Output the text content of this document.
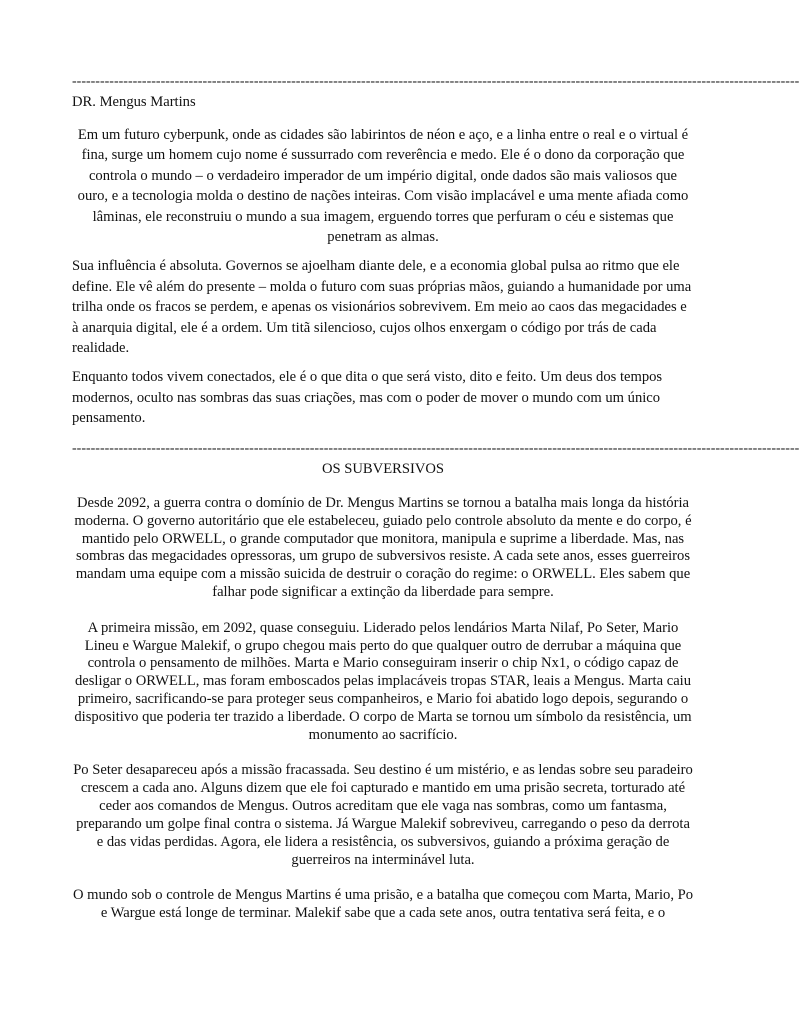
------------------------------------------------------------------------------------------------------------------------------------------------------------
DR. Mengus Martins

Em um futuro cyberpunk, onde as cidades são labirintos de néon e aço, e a linha entre o real e o virtual é fina, surge um homem cujo nome é sussurrado com reverência e medo. Ele é o dono da corporação que controla o mundo – o verdadeiro imperador de um império digital, onde dados são mais valiosos que ouro, e a tecnologia molda o destino de nações inteiras. Com visão implacável e uma mente afiada como lâminas, ele reconstruiu o mundo a sua imagem, erguendo torres que perfuram o céu e sistemas que penetram as almas.

Sua influência é absoluta. Governos se ajoelham diante dele, e a economia global pulsa ao ritmo que ele define. Ele vê além do presente – molda o futuro com suas próprias mãos, guiando a humanidade por uma trilha onde os fracos se perdem, e apenas os visionários sobrevivem. Em meio ao caos das megacidades e à anarquia digital, ele é a ordem. Um titã silencioso, cujos olhos enxergam o código por trás de cada realidade.

Enquanto todos vivem conectados, ele é o que dita o que será visto, dito e feito. Um deus dos tempos modernos, oculto nas sombras das suas criações, mas com o poder de mover o mundo com um único pensamento.

------------------------------------------------------------------------------------------------------------------------------------------------------------
OS SUBVERSIVOS

Desde 2092, a guerra contra o domínio de Dr. Mengus Martins se tornou a batalha mais longa da história moderna. O governo autoritário que ele estabeleceu, guiado pelo controle absoluto da mente e do corpo, é mantido pelo ORWELL, o grande computador que monitora, manipula e suprime a liberdade. Mas, nas sombras das megacidades opressoras, um grupo de subversivos resiste. A cada sete anos, esses guerreiros mandam uma equipe com a missão suicida de destruir o coração do regime: o ORWELL. Eles sabem que falhar pode significar a extinção da liberdade para sempre.

A primeira missão, em 2092, quase conseguiu. Liderado pelos lendários Marta Nilaf, Po Seter, Mario Lineu e Wargue Malekif, o grupo chegou mais perto do que qualquer outro de derrubar a máquina que controla o pensamento de milhões. Marta e Mario conseguiram inserir o chip Nx1, o código capaz de desligar o ORWELL, mas foram emboscados pelas implacáveis tropas STAR, leais a Mengus. Marta caiu primeiro, sacrificando-se para proteger seus companheiros, e Mario foi abatido logo depois, segurando o dispositivo que poderia ter trazido a liberdade. O corpo de Marta se tornou um símbolo da resistência, um monumento ao sacrifício.

Po Seter desapareceu após a missão fracassada. Seu destino é um mistério, e as lendas sobre seu paradeiro crescem a cada ano. Alguns dizem que ele foi capturado e mantido em uma prisão secreta, torturado até ceder aos comandos de Mengus. Outros acreditam que ele vaga nas sombras, como um fantasma, preparando um golpe final contra o sistema. Já Wargue Malekif sobreviveu, carregando o peso da derrota e das vidas perdidas. Agora, ele lidera a resistência, os subversivos, guiando a próxima geração de guerreiros na interminável luta.

O mundo sob o controle de Mengus Martins é uma prisão, e a batalha que começou com Marta, Mario, Po e Wargue está longe de terminar. Malekif sabe que a cada sete anos, outra tentativa será feita, e o
